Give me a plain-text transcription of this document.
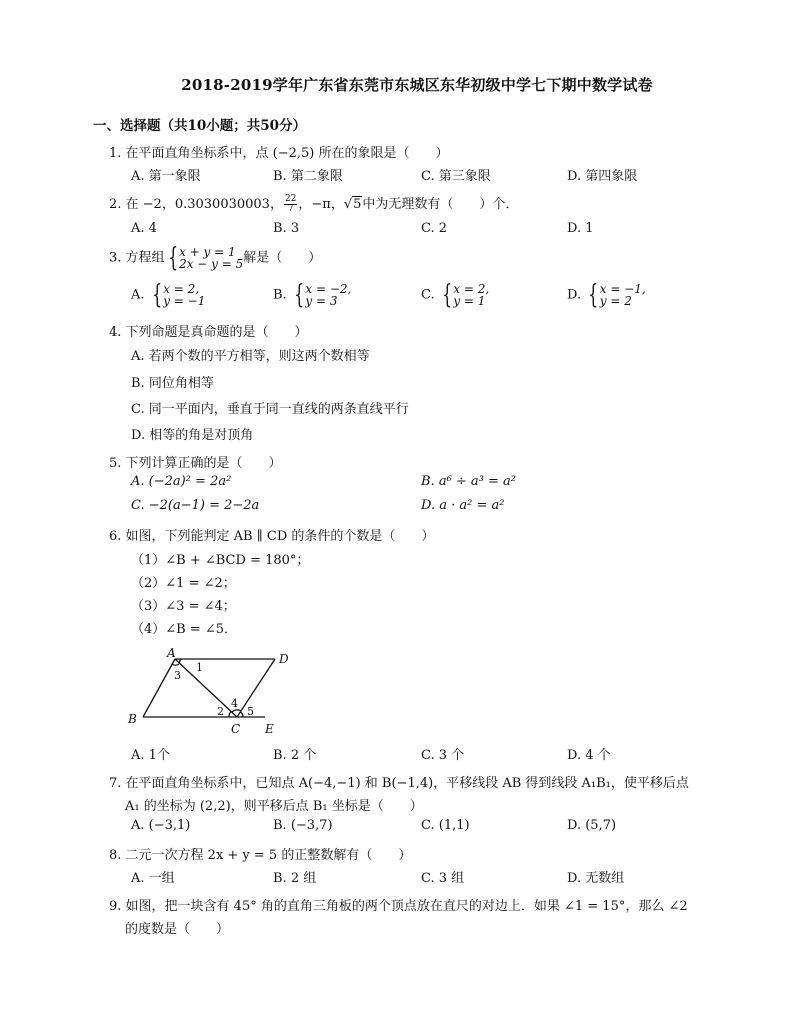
2018-2019学年广东省东莞市东城区东华初级中学七下期中数学试卷
一、选择题（共10小题；共50分）
1. 在平面直角坐标系中，点 (−2,5) 所在的象限是（　　）
A. 第一象限	B. 第二象限	C. 第三象限	D. 第四象限
2. 在 −2，0.3030030003， $\frac{22}{7}$ ，−π，√5中为无理数有（　　）个．
A. 4	B. 3	C. 2	D. 1
3. 方程组 { x + y = 1
2x − y = 5 解是（　　）
A. { x = 2,
y = −1	B. { x = −2,
y = 3	C. { x = 2,
y = 1	D. { x = −1,
y = 2
4. 下列命题是真命题的是（　　）
A. 若两个数的平方相等，则这两个数相等
B. 同位角相等
C. 同一平面内，垂直于同一直线的两条直线平行
D. 相等的角是对顶角
5. 下列计算正确的是（　　）
A. (−2a)² = 2a²	B. a⁶ ÷ a³ = a²
C. −2(a−1) = 2−2a	D. a · a² = a²
6. 如图，下列能判定 AB ∥ CD 的条件的个数是（　　）
（1）∠B + ∠BCD = 180°；
（2）∠1 = ∠2；
（3）∠3 = ∠4；
（4）∠B = ∠5．
A
B
C
D
E
1
3
2
4
5
A. 1个	B. 2 个	C. 3 个	D. 4 个
7. 在平面直角坐标系中，已知点 A(−4,−1) 和 B(−1,4)，平移线段 AB 得到线段 A₁B₁，使平移后点
A₁ 的坐标为 (2,2)，则平移后点 B₁ 坐标是（　　）
A. (−3,1)	B. (−3,7)	C. (1,1)	D. (5,7)
8. 二元一次方程 2x + y = 5 的正整数解有（　　）
A. 一组	B. 2 组	C. 3 组	D. 无数组
9. 如图，把一块含有 45° 角的直角三角板的两个顶点放在直尺的对边上．如果 ∠1 = 15°，那么 ∠2
的度数是（　　）
